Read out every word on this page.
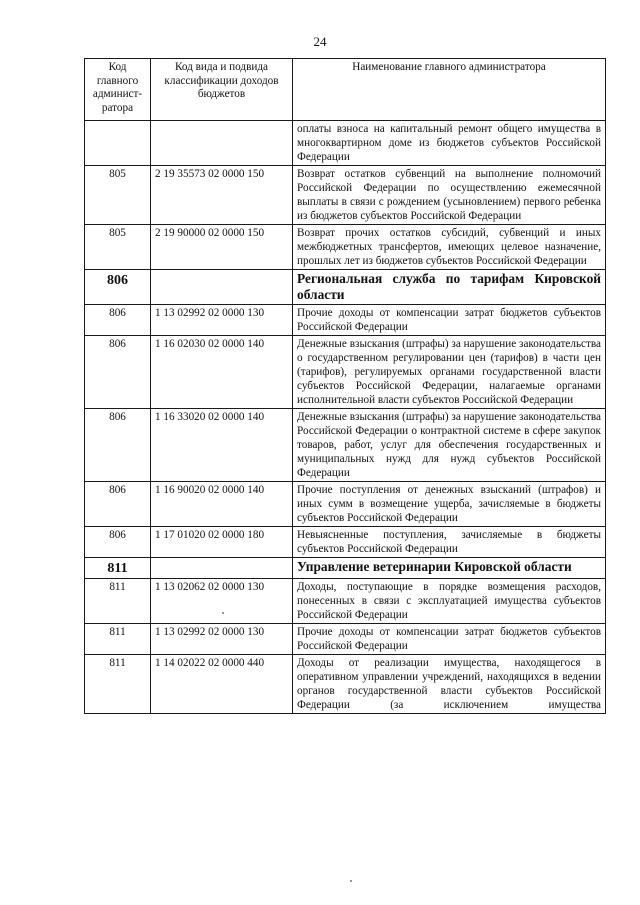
24
Код главного админист-ратора	Код вида и подвида классификации доходов бюджетов	Наименование главного администратора
		оплаты взноса на капитальный ремонт общего имущества в многоквартирном доме из бюджетов субъектов Российской Федерации
805	2 19 35573 02 0000 150	Возврат остатков субвенций на выполнение полномочий Российской Федерации по осуществлению ежемесячной выплаты в связи с рождением (усыновлением) первого ребенка из бюджетов субъектов Российской Федерации
805	2 19 90000 02 0000 150	Возврат прочих остатков субсидий, субвенций и иных межбюджетных трансфертов, имеющих целевое назначение, прошлых лет из бюджетов субъектов Российской Федерации
806		Региональная служба по тарифам Кировской области
806	1 13 02992 02 0000 130	Прочие доходы от компенсации затрат бюджетов субъектов Российской Федерации
806	1 16 02030 02 0000 140	Денежные взыскания (штрафы) за нарушение законодательства о государственном регулировании цен (тарифов) в части цен (тарифов), регулируемых органами государственной власти субъектов Российской Федерации, налагаемые органами исполнительной власти субъектов Российской Федерации
806	1 16 33020 02 0000 140	Денежные взыскания (штрафы) за нарушение законодательства Российской Федерации о контрактной системе в сфере закупок товаров, работ, услуг для обеспечения государственных и муниципальных нужд для нужд субъектов Российской Федерации
806	1 16 90020 02 0000 140	Прочие поступления от денежных взысканий (штрафов) и иных сумм в возмещение ущерба, зачисляемые в бюджеты субъектов Российской Федерации
806	1 17 01020 02 0000 180	Невыясненные поступления, зачисляемые в бюджеты субъектов Российской Федерации
811		Управление ветеринарии Кировской области
811	1 13 02062 02 0000 130	Доходы, поступающие в порядке возмещения расходов, понесенных в связи с эксплуатацией имущества субъектов Российской Федерации
811	1 13 02992 02 0000 130	Прочие доходы от компенсации затрат бюджетов субъектов Российской Федерации
811	1 14 02022 02 0000 440	Доходы от реализации имущества, находящегося в оперативном управлении учреждений, находящихся в ведении органов государственной власти субъектов Российской Федерации (за исключением имущества
